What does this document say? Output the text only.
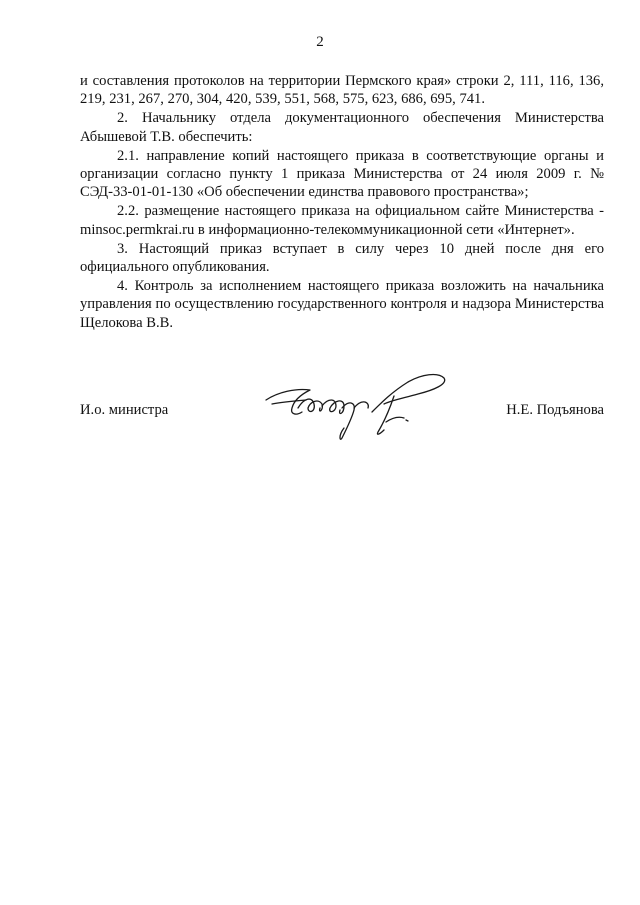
2

и составления протоколов на территории Пермского края» строки 2, 111, 116, 136, 219, 231, 267, 270, 304, 420, 539, 551, 568, 575, 623, 686, 695, 741.

2. Начальнику отдела документационного обеспечения Министерства Абышевой Т.В. обеспечить:

2.1. направление копий настоящего приказа в соответствующие органы и организации согласно пункту 1 приказа Министерства от 24 июля 2009 г. № СЭД-33-01-01-130 «Об обеспечении единства правового пространства»;

2.2. размещение настоящего приказа на официальном сайте Министерства - minsoc.permkrai.ru в информационно-телекоммуникационной сети «Интернет».

3. Настоящий приказ вступает в силу через 10 дней после дня его официального опубликования.

4. Контроль за исполнением настоящего приказа возложить на начальника управления по осуществлению государственного контроля и надзора Министерства Щелокова В.В.

И.о. министра	Н.Е. Подъянова
